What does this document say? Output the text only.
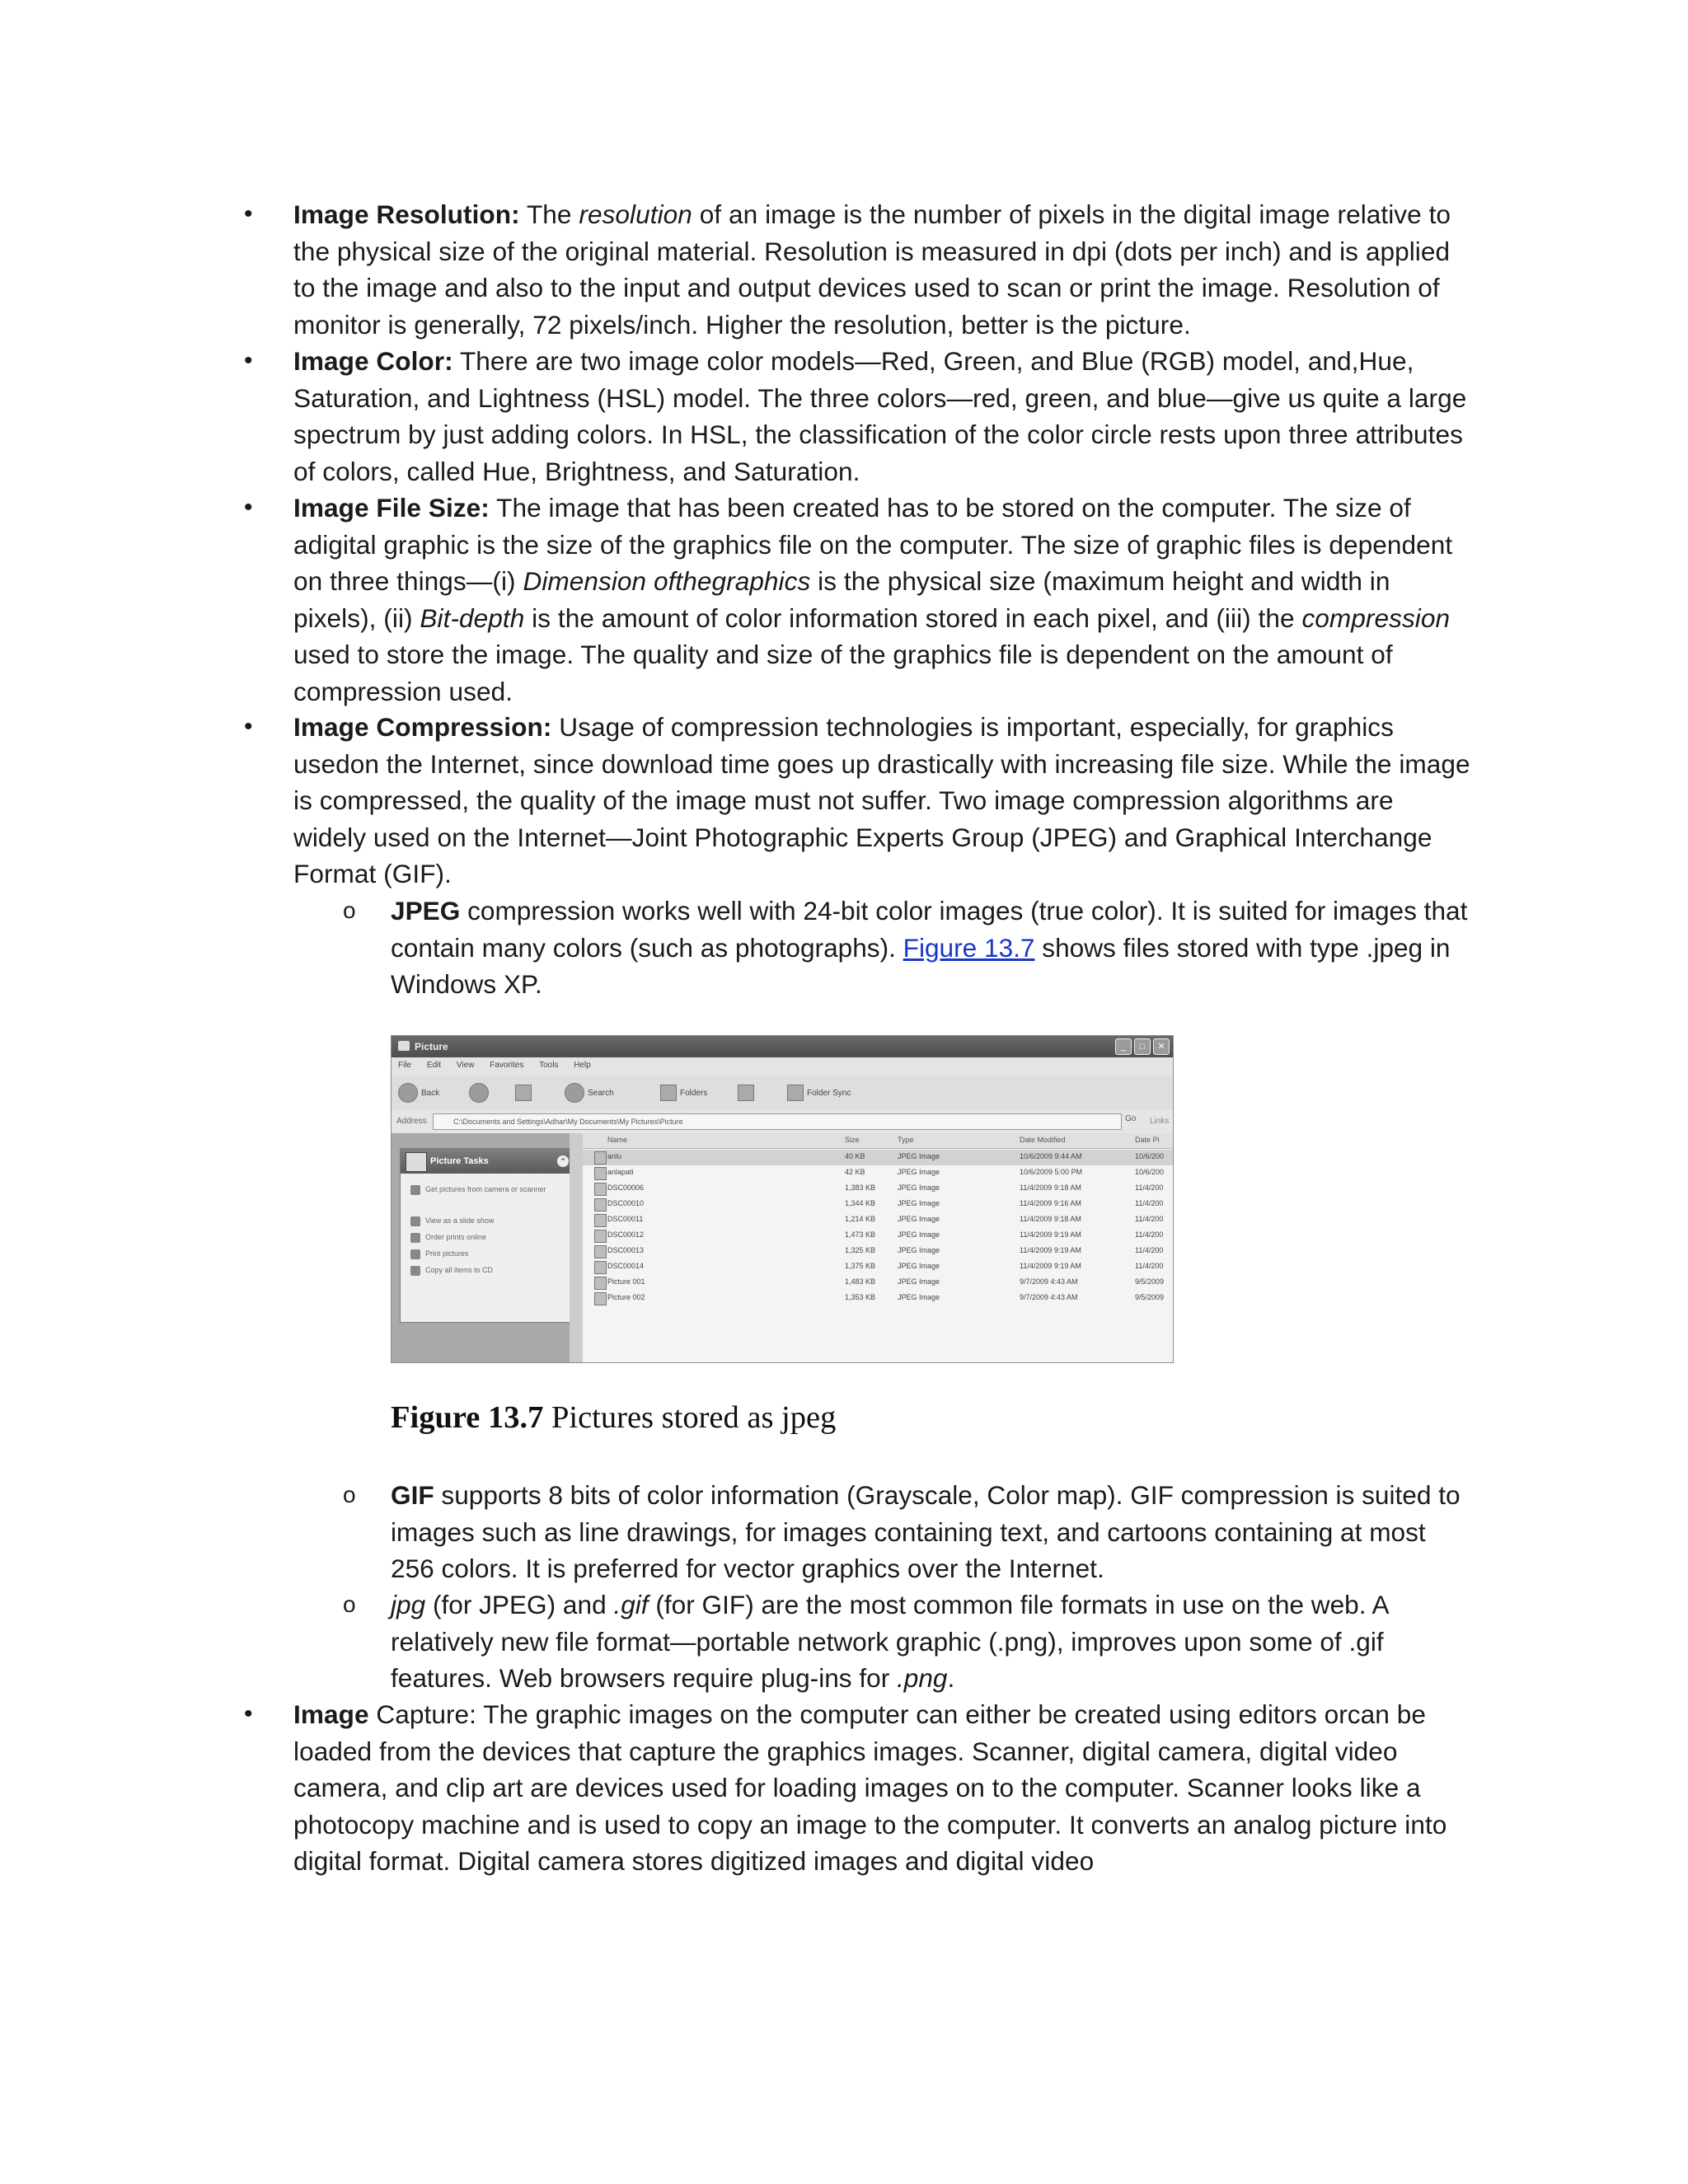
• Image Resolution: The resolution of an image is the number of pixels in the digital image relative to the physical size of the original material. Resolution is measured in dpi (dots per inch) and is applied to the image and also to the input and output devices used to scan or print the image. Resolution of monitor is generally, 72 pixels/inch. Higher the resolution, better is the picture.
• Image Color: There are two image color models—Red, Green, and Blue (RGB) model, and,Hue, Saturation, and Lightness (HSL) model. The three colors—red, green, and blue—give us quite a large spectrum by just adding colors. In HSL, the classification of the color circle rests upon three attributes of colors, called Hue, Brightness, and Saturation.
• Image File Size: The image that has been created has to be stored on the computer. The size of adigital graphic is the size of the graphics file on the computer. The size of graphic files is dependent on three things—(i) Dimension ofthegraphics is the physical size (maximum height and width in pixels), (ii) Bit-depth is the amount of color information stored in each pixel, and (iii) the compression used to store the image. The quality and size of the graphics file is dependent on the amount of compression used.
• Image Compression: Usage of compression technologies is important, especially, for graphics usedon the Internet, since download time goes up drastically with increasing file size. While the image is compressed, the quality of the image must not suffer. Two image compression algorithms are widely used on the Internet—Joint Photographic Experts Group (JPEG) and Graphical Interchange Format (GIF).
o JPEG compression works well with 24-bit color images (true color). It is suited for images that contain many colors (such as photographs). Figure 13.7 shows files stored with type .jpeg in Windows XP.
Picture	_	□	✕
File Edit View Favorites Tools Help
Back	Search	Folders	Folder Sync
Address	C:\Documents and Settings\Adhar\My Documents\My Pictures\Picture	Go Links
Picture Tasks	⌃
Get pictures from camera or scanner
View as a slide show
Order prints online
Print pictures
Copy all items to CD
Name	Size	Type	Date Modified	Date Pi
anlu	40 KB	JPEG Image	10/6/2009 9:44 AM	10/6/200
anlapati	42 KB	JPEG Image	10/6/2009 5:00 PM	10/6/200
DSC00006	1,383 KB	JPEG Image	11/4/2009 9:18 AM	11/4/200
DSC00010	1,344 KB	JPEG Image	11/4/2009 9:16 AM	11/4/200
DSC00011	1,214 KB	JPEG Image	11/4/2009 9:18 AM	11/4/200
DSC00012	1,473 KB	JPEG Image	11/4/2009 9:19 AM	11/4/200
DSC00013	1,325 KB	JPEG Image	11/4/2009 9:19 AM	11/4/200
DSC00014	1,375 KB	JPEG Image	11/4/2009 9:19 AM	11/4/200
Picture 001	1,483 KB	JPEG Image	9/7/2009 4:43 AM	9/5/2009
Picture 002	1,353 KB	JPEG Image	9/7/2009 4:43 AM	9/5/2009
Figure 13.7 Pictures stored as jpeg
o GIF supports 8 bits of color information (Grayscale, Color map). GIF compression is suited to images such as line drawings, for images containing text, and cartoons containing at most 256 colors. It is preferred for vector graphics over the Internet.
o jpg (for JPEG) and .gif (for GIF) are the most common file formats in use on the web. A relatively new file format—portable network graphic (.png), improves upon some of .gif features. Web browsers require plug-ins for .png.
• Image Capture: The graphic images on the computer can either be created using editors orcan be loaded from the devices that capture the graphics images. Scanner, digital camera, digital video camera, and clip art are devices used for loading images on to the computer. Scanner looks like a photocopy machine and is used to copy an image to the computer. It converts an analog picture into digital format. Digital camera stores digitized images and digital video
